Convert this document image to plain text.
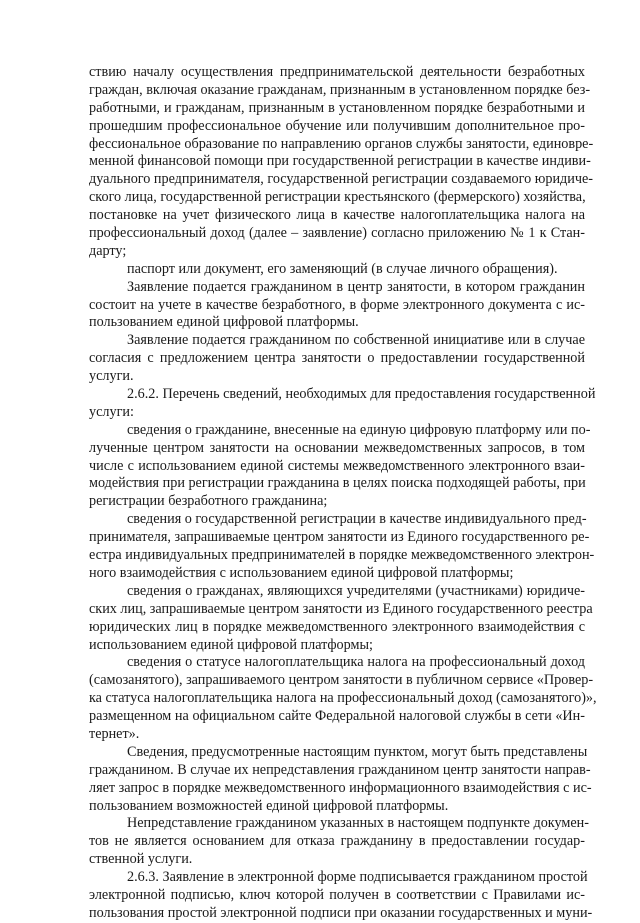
ствию началу осуществления предпринимательской деятельности безработных
граждан, включая оказание гражданам, признанным в установленном порядке без-
работными, и гражданам, признанным в установленном порядке безработными и
прошедшим профессиональное обучение или получившим дополнительное про-
фессиональное образование по направлению органов службы занятости, единовре-
менной финансовой помощи при государственной регистрации в качестве индиви-
дуального предпринимателя, государственной регистрации создаваемого юридиче-
ского лица, государственной регистрации крестьянского (фермерского) хозяйства,
постановке на учет физического лица в качестве налогоплательщика налога на
профессиональный доход (далее – заявление) согласно приложению № 1 к Стан-
дарту;
паспорт или документ, его заменяющий (в случае личного обращения).
Заявление подается гражданином в центр занятости, в котором гражданин
состоит на учете в качестве безработного, в форме электронного документа с ис-
пользованием единой цифровой платформы.
Заявление подается гражданином по собственной инициативе или в случае
согласия с предложением центра занятости о предоставлении государственной
услуги.
2.6.2. Перечень сведений, необходимых для предоставления государственной
услуги:
сведения о гражданине, внесенные на единую цифровую платформу или по-
лученные центром занятости на основании межведомственных запросов, в том
числе с использованием единой системы межведомственного электронного взаи-
модействия при регистрации гражданина в целях поиска подходящей работы, при
регистрации безработного гражданина;
сведения о государственной регистрации в качестве индивидуального пред-
принимателя, запрашиваемые центром занятости из Единого государственного ре-
естра индивидуальных предпринимателей в порядке межведомственного электрон-
ного взаимодействия с использованием единой цифровой платформы;
сведения о гражданах, являющихся учредителями (участниками) юридиче-
ских лиц, запрашиваемые центром занятости из Единого государственного реестра
юридических лиц в порядке межведомственного электронного взаимодействия с
использованием единой цифровой платформы;
сведения о статусе налогоплательщика налога на профессиональный доход
(самозанятого), запрашиваемого центром занятости в публичном сервисе «Провер-
ка статуса налогоплательщика налога на профессиональный доход (самозанятого)»,
размещенном на официальном сайте Федеральной налоговой службы в сети «Ин-
тернет».
Сведения, предусмотренные настоящим пунктом, могут быть представлены
гражданином. В случае их непредставления гражданином центр занятости направ-
ляет запрос в порядке межведомственного информационного взаимодействия с ис-
пользованием возможностей единой цифровой платформы.
Непредставление гражданином указанных в настоящем подпункте докумен-
тов не является основанием для отказа гражданину в предоставлении государ-
ственной услуги.
2.6.3. Заявление в электронной форме подписывается гражданином простой
электронной подписью, ключ которой получен в соответствии с Правилами ис-
пользования простой электронной подписи при оказании государственных и муни-
